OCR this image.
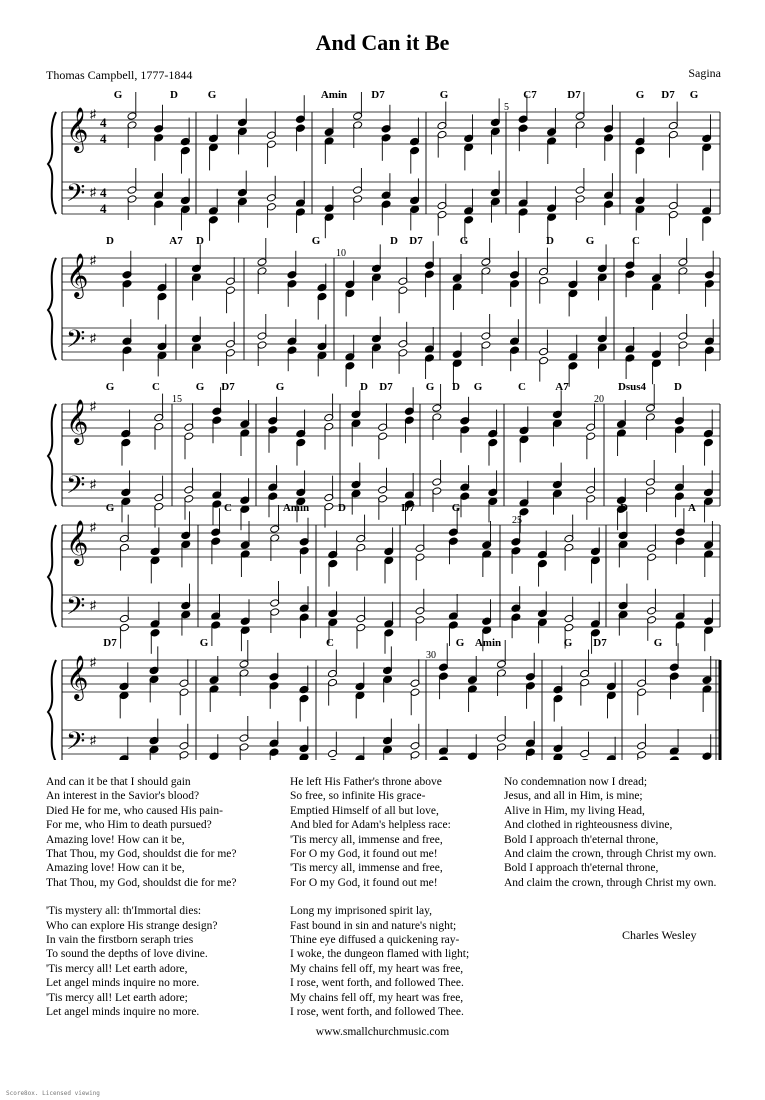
And Can it Be
Thomas Campbell, 1777-1844	Sagina
G	D	G	Amin D7	G	C7	D7	G D7 G
5
𝄞
𝄢
♯
♯
4
4
4
4
D	A7 D	G	D D7	G	D	G	C
10
𝄞
𝄢
♯
♯
G	C	G D7	G	D D7	G D G	C	A7	Dsus4	D
15	20
𝄞
𝄢
♯
♯
G	C	Amin	D	D7	G	D	A
25
𝄞
𝄢
♯
♯
D7	G	C	G Amin	G D7	G
30
𝄞
𝄢
♯
♯
And can it be that I should gain
An interest in the Savior's blood?
Died He for me, who caused His pain-
For me, who Him to death pursued?
Amazing love! How can it be,
That Thou, my God, shouldst die for me?
Amazing love! How can it be,
That Thou, my God, shouldst die for me?
'Tis mystery all: th'Immortal dies:
Who can explore His strange design?
In vain the firstborn seraph tries
To sound the depths of love divine.
'Tis mercy all! Let earth adore,
Let angel minds inquire no more.
'Tis mercy all! Let earth adore;
Let angel minds inquire no more.
He left His Father's throne above
So free, so infinite His grace-
Emptied Himself of all but love,
And bled for Adam's helpless race:
'Tis mercy all, immense and free,
For O my God, it found out me!
'Tis mercy all, immense and free,
For O my God, it found out me!
Long my imprisoned spirit lay,
Fast bound in sin and nature's night;
Thine eye diffused a quickening ray-
I woke, the dungeon flamed with light;
My chains fell off, my heart was free,
I rose, went forth, and followed Thee.
My chains fell off, my heart was free,
I rose, went forth, and followed Thee.
No condemnation now I dread;
Jesus, and all in Him, is mine;
Alive in Him, my living Head,
And clothed in righteousness divine,
Bold I approach th'eternal throne,
And claim the crown, through Christ my own.
Bold I approach th'eternal throne,
And claim the crown, through Christ my own.
Charles Wesley
www.smallchurchmusic.com
Score8ox. Licensed viewing
